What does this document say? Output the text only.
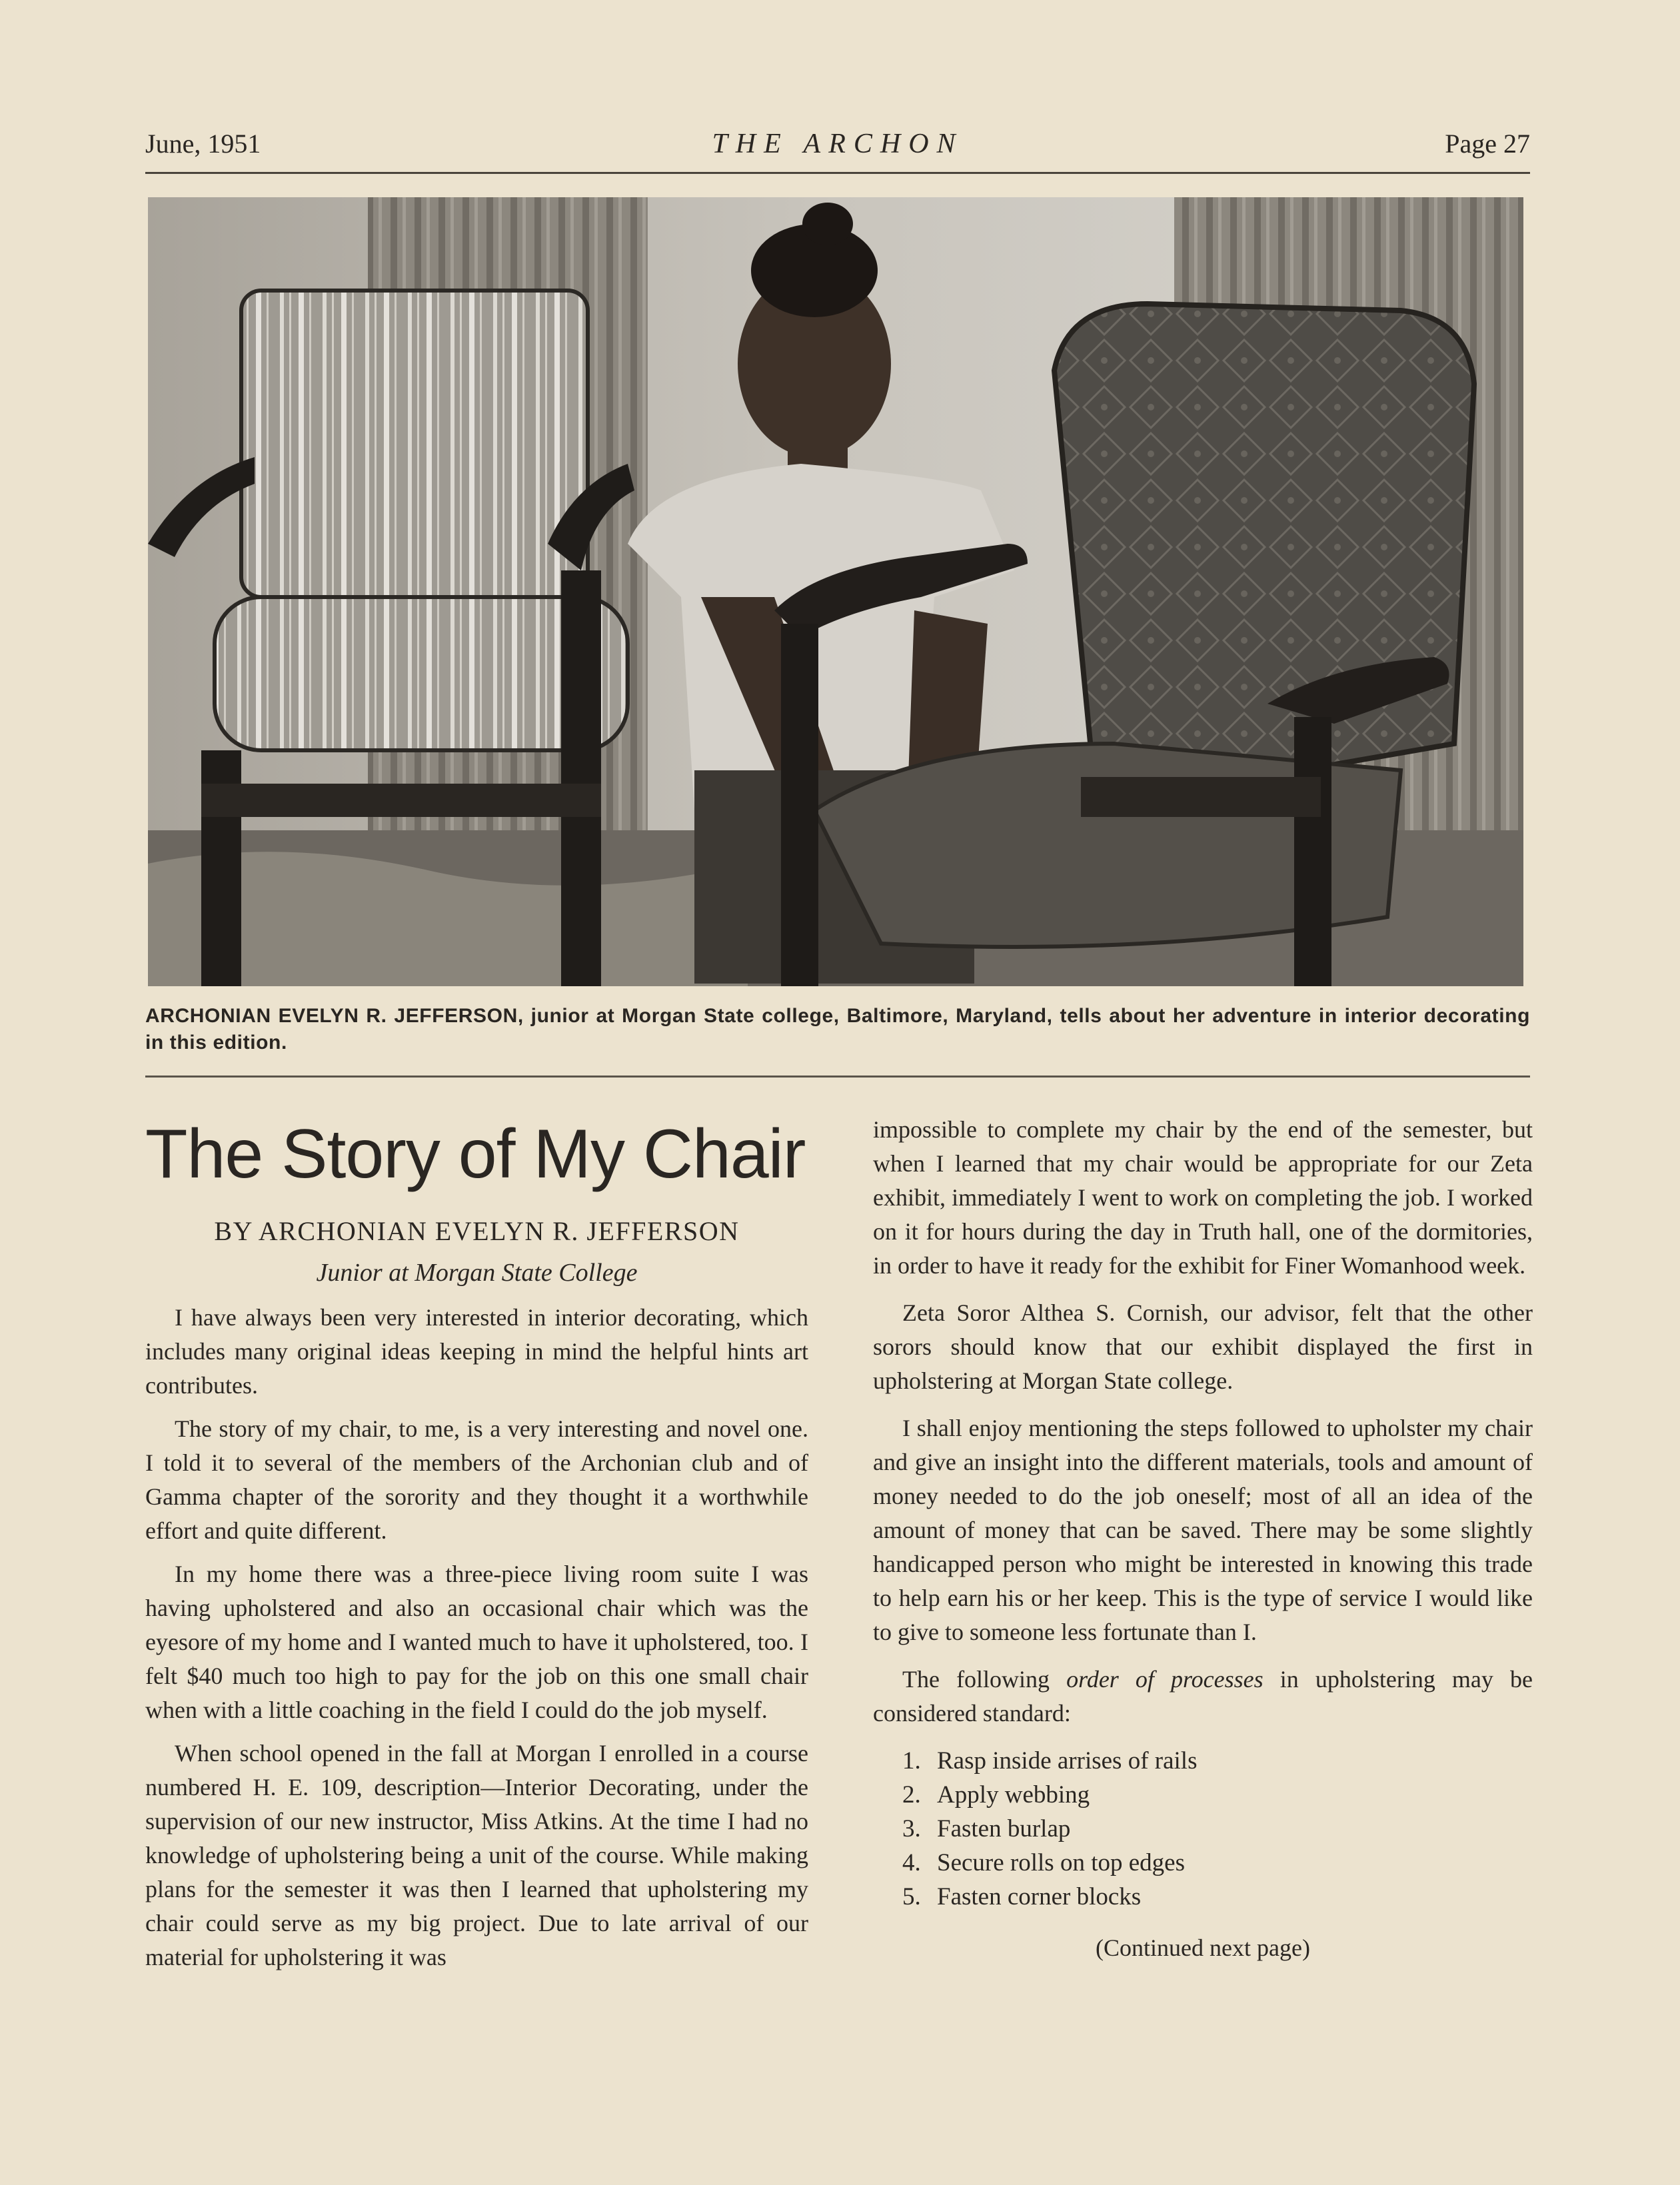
June, 1951	THE ARCHON	Page 27
ARCHONIAN EVELYN R. JEFFERSON, junior at Morgan State college, Baltimore, Maryland, tells about her adventure in interior decorating in this edition.
The Story of My Chair
BY ARCHONIAN EVELYN R. JEFFERSON
Junior at Morgan State College

I have always been very interested in interior decorating, which includes many original ideas keeping in mind the helpful hints art contributes.

The story of my chair, to me, is a very interesting and novel one. I told it to several of the members of the Archonian club and of Gamma chapter of the sorority and they thought it a worthwhile effort and quite different.

In my home there was a three-piece living room suite I was having upholstered and also an occasional chair which was the eyesore of my home and I wanted much to have it upholstered, too. I felt $40 much too high to pay for the job on this one small chair when with a little coaching in the field I could do the job myself.

When school opened in the fall at Morgan I enrolled in a course numbered H. E. 109, description—Interior Decorating, under the supervision of our new instructor, Miss Atkins. At the time I had no knowledge of upholstering being a unit of the course. While making plans for the semester it was then I learned that upholstering my chair could serve as my big project. Due to late arrival of our material for upholstering it was

impossible to complete my chair by the end of the semester, but when I learned that my chair would be appropriate for our Zeta exhibit, immediately I went to work on completing the job. I worked on it for hours during the day in Truth hall, one of the dormitories, in order to have it ready for the exhibit for Finer Womanhood week.

Zeta Soror Althea S. Cornish, our advisor, felt that the other sorors should know that our exhibit displayed the first in upholstering at Morgan State college.

I shall enjoy mentioning the steps followed to upholster my chair and give an insight into the different materials, tools and amount of money needed to do the job oneself; most of all an idea of the amount of money that can be saved. There may be some slightly handicapped person who might be interested in knowing this trade to help earn his or her keep. This is the type of service I would like to give to someone less fortunate than I.

The following order of processes in upholstering may be considered standard:

1. Rasp inside arrises of rails
2. Apply webbing
3. Fasten burlap
4. Secure rolls on top edges
5. Fasten corner blocks
(Continued next page)
